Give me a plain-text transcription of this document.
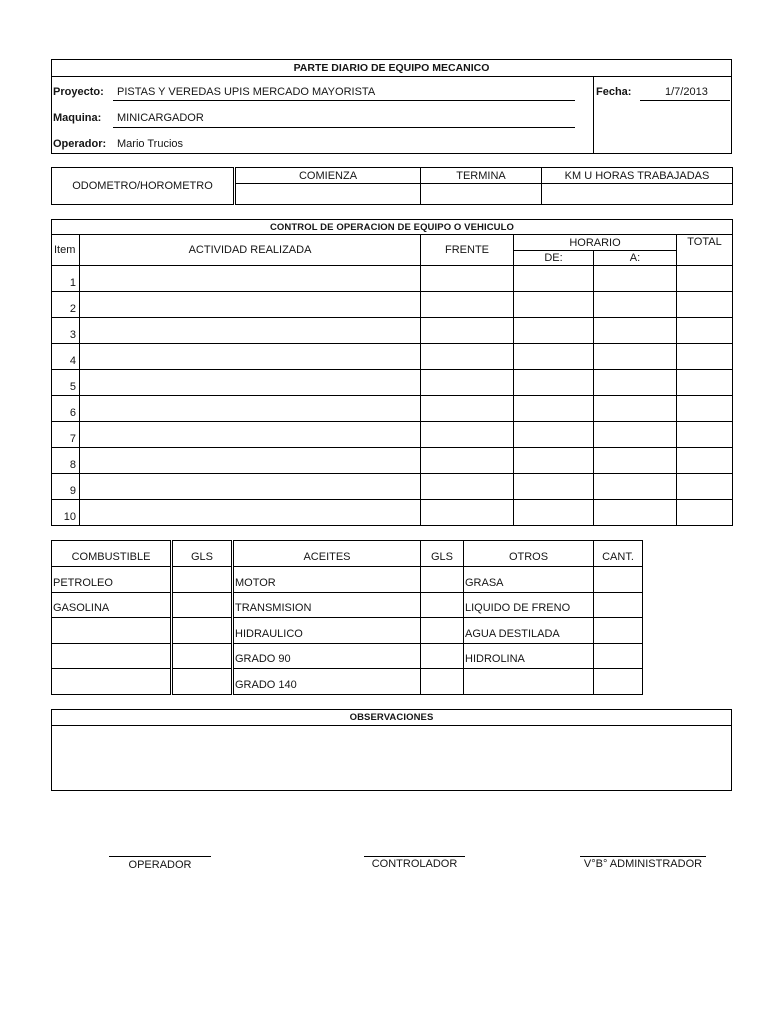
PARTE DIARIO DE EQUIPO MECANICO
Proyecto: PISTAS Y VEREDAS UPIS MERCADO MAYORISTA	Fecha:	1/7/2013
Maquina: MINICARGADOR
Operador: Mario Trucios
ODOMETRO/HOROMETRO	COMIENZA	TERMINA	KM U HORAS TRABAJADAS

CONTROL DE OPERACION DE EQUIPO O VEHICULO					
Item	ACTIVIDAD REALIZADA	FRENTE	HORARIO		TOTAL
			DE:	A:	
1					
2					
3					
4					
5					
6					
7					
8					
9					
10					
COMBUSTIBLE	GLS	ACEITES	GLS	OTROS	CANT.
PETROLEO		MOTOR		GRASA	
GASOLINA		TRANSMISION		LIQUIDO DE FRENO	
		HIDRAULICO		AGUA DESTILADA	
		GRADO 90		HIDROLINA	
		GRADO 140			
OBSERVACIONES
OPERADOR	CONTROLADOR	V°B° ADMINISTRADOR
